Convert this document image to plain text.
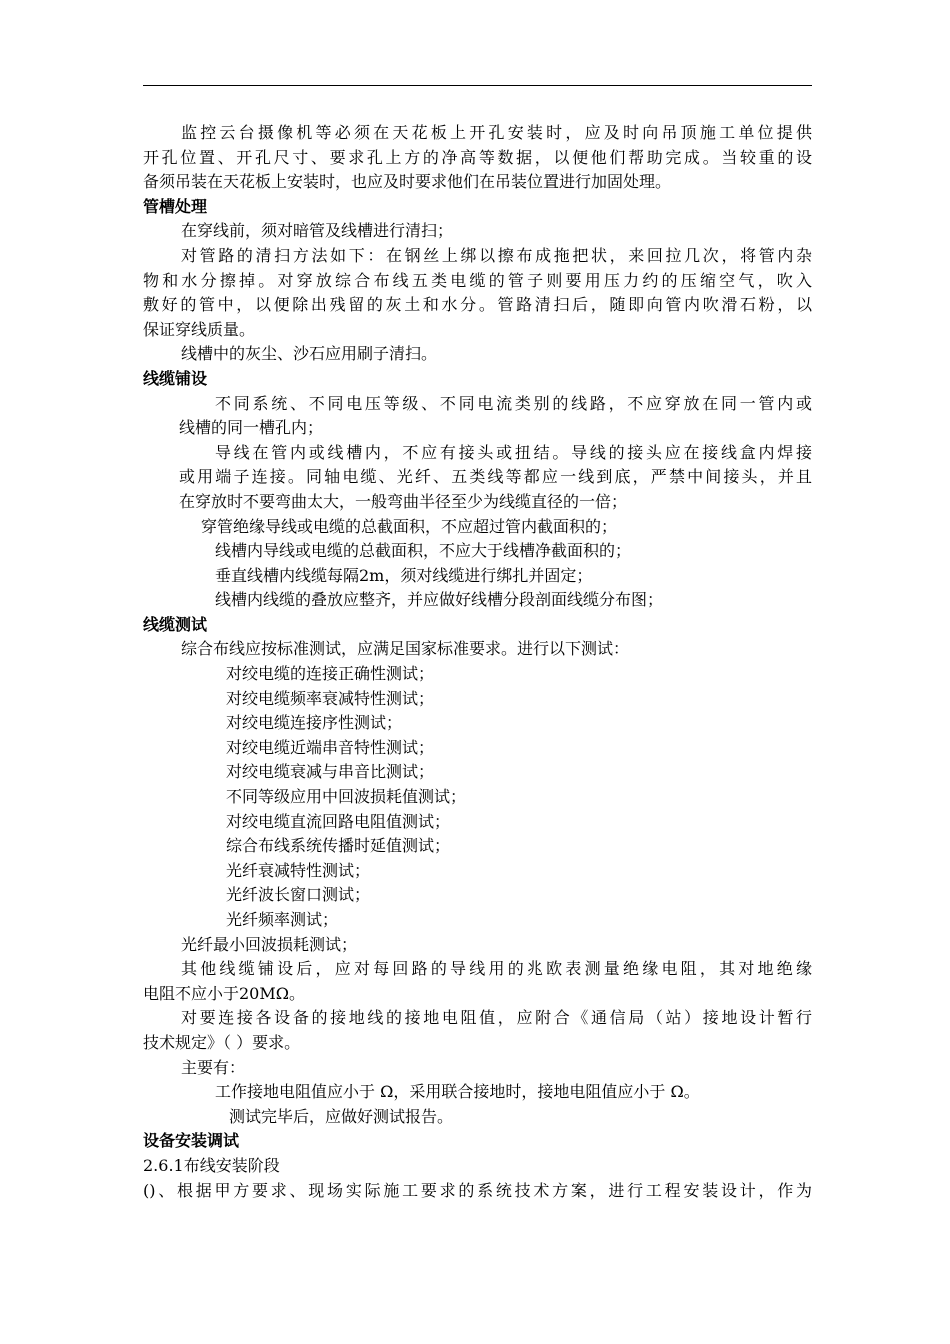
监控云台摄像机等必须在天花板上开孔安装时，应及时向吊顶施工单位提供
开孔位置、开孔尺寸、要求孔上方的净高等数据，以便他们帮助完成。当较重的设
备须吊装在天花板上安装时，也应及时要求他们在吊装位置进行加固处理。
管槽处理
在穿线前，须对暗管及线槽进行清扫；
对管路的清扫方法如下：在钢丝上绑以擦布成拖把状，来回拉几次，将管内杂
物和水分擦掉。对穿放综合布线五类电缆的管子则要用压力约的压缩空气，吹入
敷好的管中，以便除出残留的灰土和水分。管路清扫后，随即向管内吹滑石粉，以
保证穿线质量。
线槽中的灰尘、沙石应用刷子清扫。
线缆铺设
不同系统、不同电压等级、不同电流类别的线路，不应穿放在同一管内或
线槽的同一槽孔内；
导线在管内或线槽内，不应有接头或扭结。导线的接头应在接线盒内焊接
或用端子连接。同轴电缆、光纤、五类线等都应一线到底，严禁中间接头，并且
在穿放时不要弯曲太大，一般弯曲半径至少为线缆直径的一倍；
穿管绝缘导线或电缆的总截面积，不应超过管内截面积的；
线槽内导线或电缆的总截面积，不应大于线槽净截面积的；
垂直线槽内线缆每隔2m，须对线缆进行绑扎并固定；
线槽内线缆的叠放应整齐，并应做好线槽分段剖面线缆分布图；
线缆测试
综合布线应按标准测试，应满足国家标准要求。进行以下测试：
对绞电缆的连接正确性测试；
对绞电缆频率衰减特性测试；
对绞电缆连接序性测试；
对绞电缆近端串音特性测试；
对绞电缆衰减与串音比测试；
不同等级应用中回波损耗值测试；
对绞电缆直流回路电阻值测试；
综合布线系统传播时延值测试；
光纤衰减特性测试；
光纤波长窗口测试；
光纤频率测试；
光纤最小回波损耗测试；
其他线缆铺设后，应对每回路的导线用的兆欧表测量绝缘电阻，其对地绝缘
电阻不应小于20MΩ。
对要连接各设备的接地线的接地电阻值，应附合《通信局（站）接地设计暂行
技术规定》（ ）要求。
主要有：
工作接地电阻值应小于 Ω，采用联合接地时，接地电阻值应小于 Ω。
测试完毕后，应做好测试报告。
设备安装调试
2.6.1布线安装阶段
()、根据甲方要求、现场实际施工要求的系统技术方案，进行工程安装设计，作为
